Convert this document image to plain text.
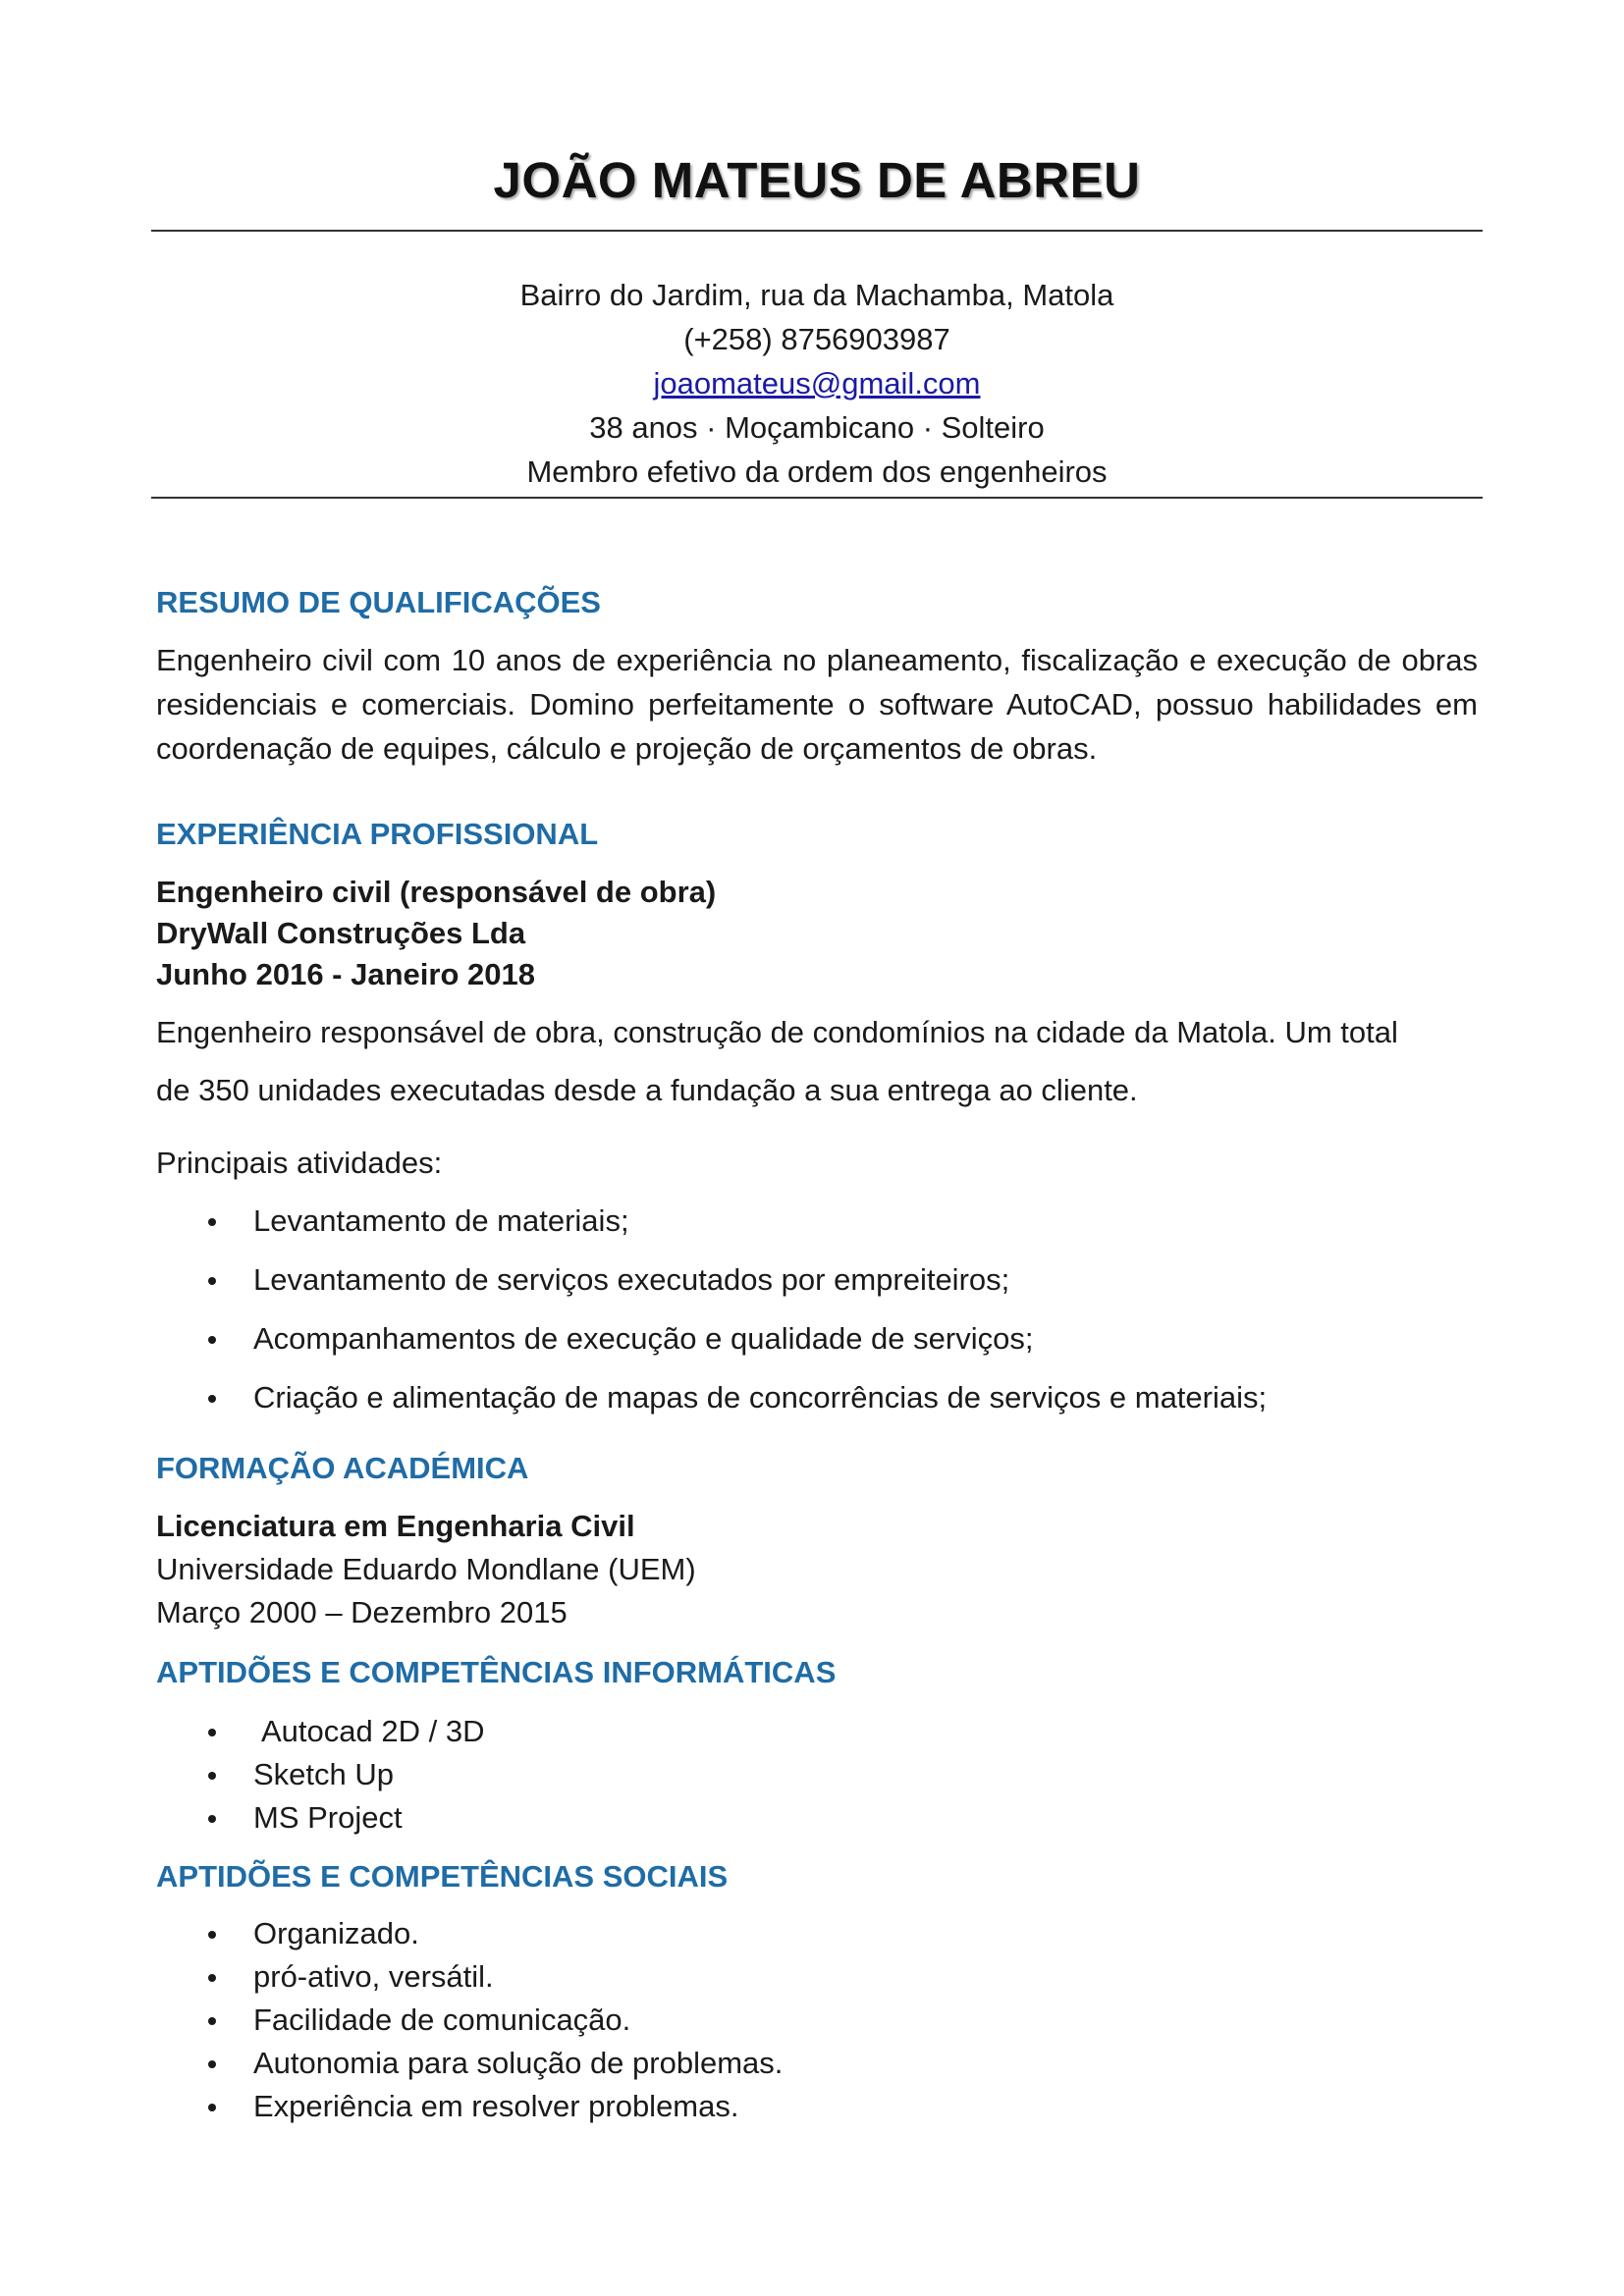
JOÃO MATEUS DE ABREU
Bairro do Jardim, rua da Machamba, Matola
(+258) 8756903987
joaomateus@gmail.com
38 anos · Moçambicano · Solteiro
Membro efetivo da ordem dos engenheiros
RESUMO DE QUALIFICAÇÕES
Engenheiro civil com 10 anos de experiência no planeamento, fiscalização e execução de obras residenciais e comerciais. Domino perfeitamente o software AutoCAD, possuo habilidades em coordenação de equipes, cálculo e projeção de orçamentos de obras.
EXPERIÊNCIA PROFISSIONAL
Engenheiro civil (responsável de obra)
DryWall Construções Lda
Junho 2016 - Janeiro 2018
Engenheiro responsável de obra, construção de condomínios na cidade da Matola. Um total
de 350 unidades executadas desde a fundação a sua entrega ao cliente.
Principais atividades:
Levantamento de materiais;
Levantamento de serviços executados por empreiteiros;
Acompanhamentos de execução e qualidade de serviços;
Criação e alimentação de mapas de concorrências de serviços e materiais;
FORMAÇÃO ACADÉMICA
Licenciatura em Engenharia Civil
Universidade Eduardo Mondlane (UEM)
Março 2000 – Dezembro 2015
APTIDÕES E COMPETÊNCIAS INFORMÁTICAS
Autocad 2D / 3D
Sketch Up
MS Project
APTIDÕES E COMPETÊNCIAS SOCIAIS
Organizado.
pró-ativo, versátil.
Facilidade de comunicação.
Autonomia para solução de problemas.
Experiência em resolver problemas.
